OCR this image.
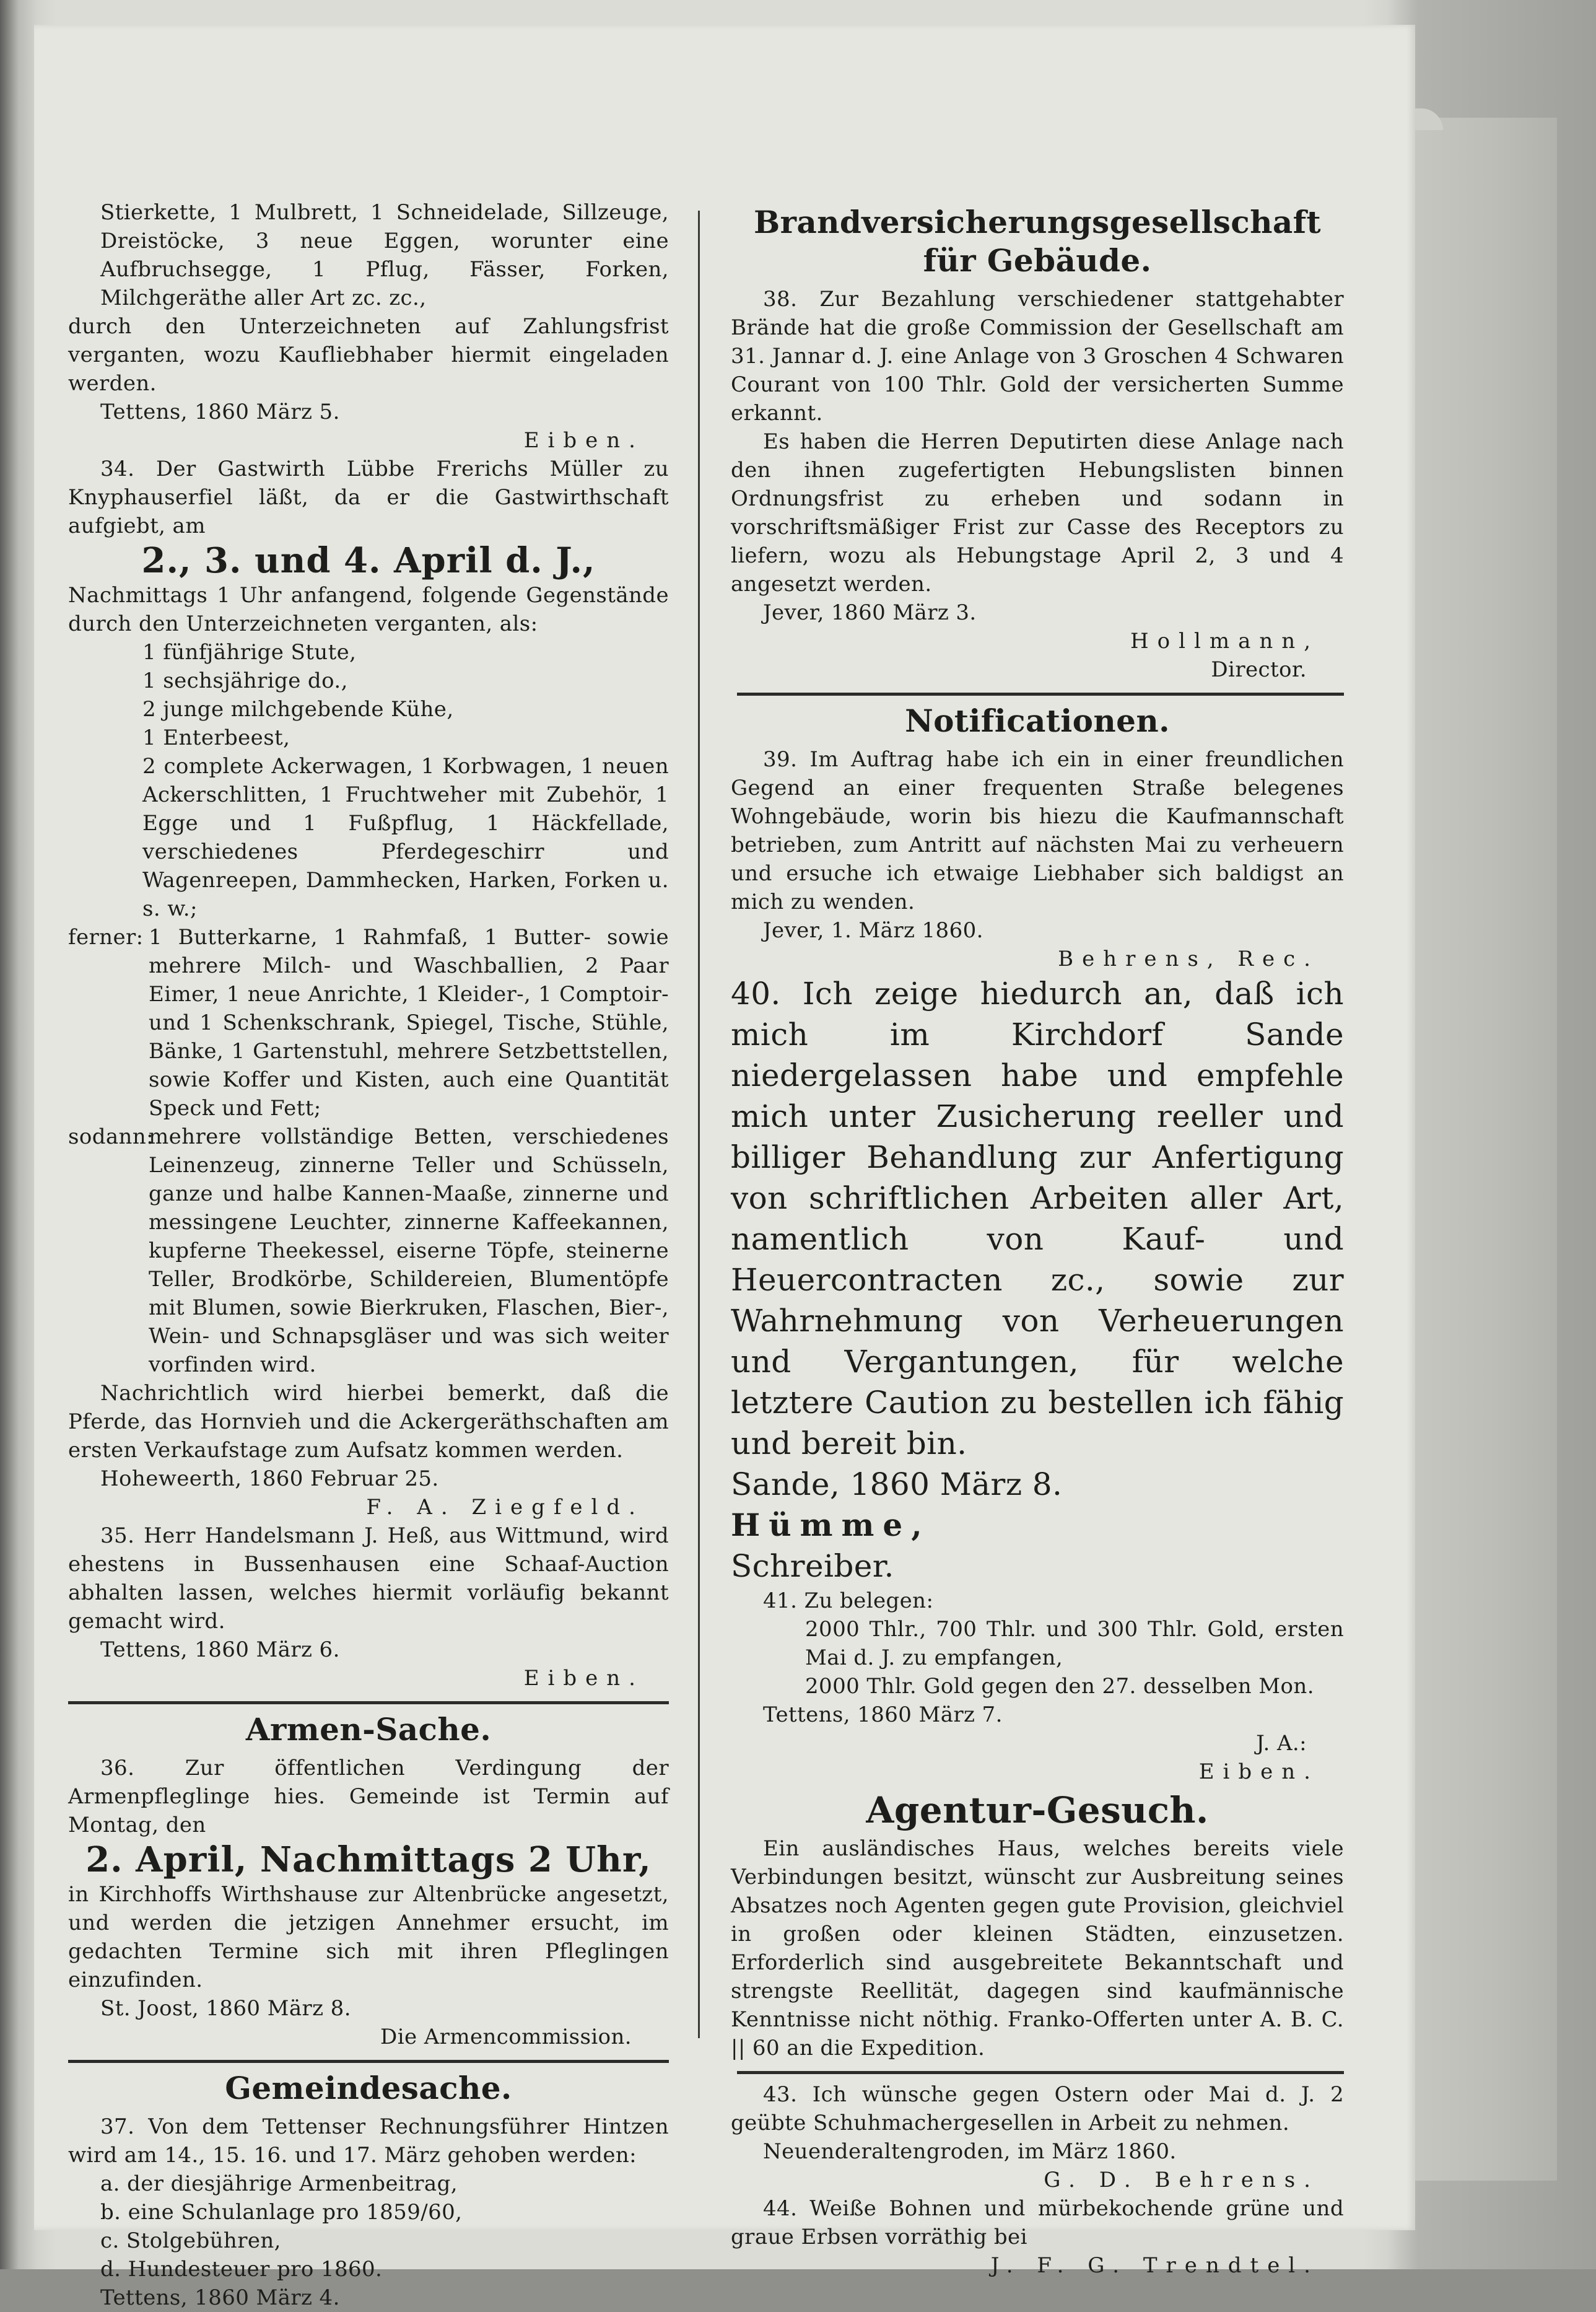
Stierkette, 1 Mulbrett, 1 Schneidelade, Sillzeuge, Dreistöcke, 3 neue Eggen, worunter eine Aufbruchsegge, 1 Pflug, Fässer, Forken, Milchgeräthe aller Art zc. zc.,

durch den Unterzeichneten auf Zahlungsfrist verganten, wozu Kaufliebhaber hiermit eingeladen werden.

Tettens, 1860 März 5.

Eiben.

34. Der Gastwirth Lübbe Frerichs Müller zu Knyphauserfiel läßt, da er die Gastwirthschaft aufgiebt, am

2., 3. und 4. April d. J.,

Nachmittags 1 Uhr anfangend, folgende Gegenstände durch den Unterzeichneten verganten, als:

1 fünfjährige Stute,

1 sechsjährige do.,

2 junge milchgebende Kühe,

1 Enterbeest,

2 complete Ackerwagen, 1 Korbwagen, 1 neuen Ackerschlitten, 1 Fruchtweher mit Zubehör, 1 Egge und 1 Fußpflug, 1 Häckfellade, verschiedenes Pferdegeschirr und Wagenreepen, Dammhecken, Harken, Forken u. s. w.;

ferner: 1 Butterkarne, 1 Rahmfaß, 1 Butter- sowie mehrere Milch- und Waschballien, 2 Paar Eimer, 1 neue Anrichte, 1 Kleider-, 1 Comptoir- und 1 Schenkschrank, Spiegel, Tische, Stühle, Bänke, 1 Gartenstuhl, mehrere Setzbettstellen, sowie Koffer und Kisten, auch eine Quantität Speck und Fett;
sodann:
mehrere vollständige Betten, verschiedenes Leinenzeug, zinnerne Teller und Schüsseln, ganze und halbe Kannen-Maaße, zinnerne und messingene Leuchter, zinnerne Kaffeekannen, kupferne Theekessel, eiserne Töpfe, steinerne Teller, Brodkörbe, Schildereien, Blumentöpfe mit Blumen, sowie Bierkruken, Flaschen, Bier-, Wein- und Schnapsgläser und was sich weiter vorfinden wird.

Nachrichtlich wird hierbei bemerkt, daß die Pferde, das Hornvieh und die Ackergeräthschaften am ersten Verkaufstage zum Aufsatz kommen werden.

Hoheweerth, 1860 Februar 25.

F. A. Ziegfeld.

35. Herr Handelsmann J. Heß, aus Wittmund, wird ehestens in Bussenhausen eine Schaaf-Auction abhalten lassen, welches hiermit vorläufig bekannt gemacht wird.

Tettens, 1860 März 6.

Eiben.

Armen-Sache.

36. Zur öffentlichen Verdingung der Armenpfleglinge hies. Gemeinde ist Termin auf Montag, den

2. April, Nachmittags 2 Uhr,

in Kirchhoffs Wirthshause zur Altenbrücke angesetzt, und werden die jetzigen Annehmer ersucht, im gedachten Termine sich mit ihren Pfleglingen einzufinden.

St. Joost, 1860 März 8.

Die Armencommission.

Gemeindesache.

37. Von dem Tettenser Rechnungsführer Hintzen wird am 14., 15. 16. und 17. März gehoben werden:

a. der diesjährige Armenbeitrag,

b. eine Schulanlage pro 1859/60,

c. Stolgebühren,

d. Hundesteuer pro 1860.

Tettens, 1860 März 4.

Brandversicherungsgesellschaft für Gebäude.

38. Zur Bezahlung verschiedener stattgehabter Brände hat die große Commission der Gesellschaft am 31. Jannar d. J. eine Anlage von 3 Groschen 4 Schwaren Courant von 100 Thlr. Gold der versicherten Summe erkannt.

Es haben die Herren Deputirten diese Anlage nach den ihnen zugefertigten Hebungslisten binnen Ordnungsfrist zu erheben und sodann in vorschriftsmäßiger Frist zur Casse des Receptors zu liefern, wozu als Hebungstage April 2, 3 und 4 angesetzt werden.

Jever, 1860 März 3.

Hollmann,

Director.

Notificationen.

39. Im Auftrag habe ich ein in einer freundlichen Gegend an einer frequenten Straße belegenes Wohngebäude, worin bis hiezu die Kaufmannschaft betrieben, zum Antritt auf nächsten Mai zu verheuern und ersuche ich etwaige Liebhaber sich baldigst an mich zu wenden.

Jever, 1. März 1860.

Behrens, Rec.

40. Ich zeige hiedurch an, daß ich mich im Kirchdorf Sande niedergelassen habe und empfehle mich unter Zusicherung reeller und billiger Behandlung zur Anfertigung von schriftlichen Arbeiten aller Art, namentlich von Kauf- und Heuercontracten zc., sowie zur Wahrnehmung von Verheuerungen und Vergantungen, für welche letztere Caution zu bestellen ich fähig und bereit bin.

Sande, 1860 März 8.

Hümme,

Schreiber.

41. Zu belegen:

2000 Thlr., 700 Thlr. und 300 Thlr. Gold, ersten Mai d. J. zu empfangen,

2000 Thlr. Gold gegen den 27. desselben Mon.

Tettens, 1860 März 7.

J. A.:

Eiben.

Agentur-Gesuch.

Ein ausländisches Haus, welches bereits viele Verbindungen besitzt, wünscht zur Ausbreitung seines Absatzes noch Agenten gegen gute Provision, gleichviel in großen oder kleinen Städten, einzusetzen. Erforderlich sind ausgebreitete Bekanntschaft und strengste Reellität, dagegen sind kaufmännische Kenntnisse nicht nöthig. Franko-Offerten unter A. B. C. || 60 an die Expedition.

43. Ich wünsche gegen Ostern oder Mai d. J. 2 geübte Schuhmachergesellen in Arbeit zu nehmen.

Neuenderaltengroden, im März 1860.

G. D. Behrens.

44. Weiße Bohnen und mürbekochende grüne und graue Erbsen vorräthig bei

J. F. G. Trendtel.
